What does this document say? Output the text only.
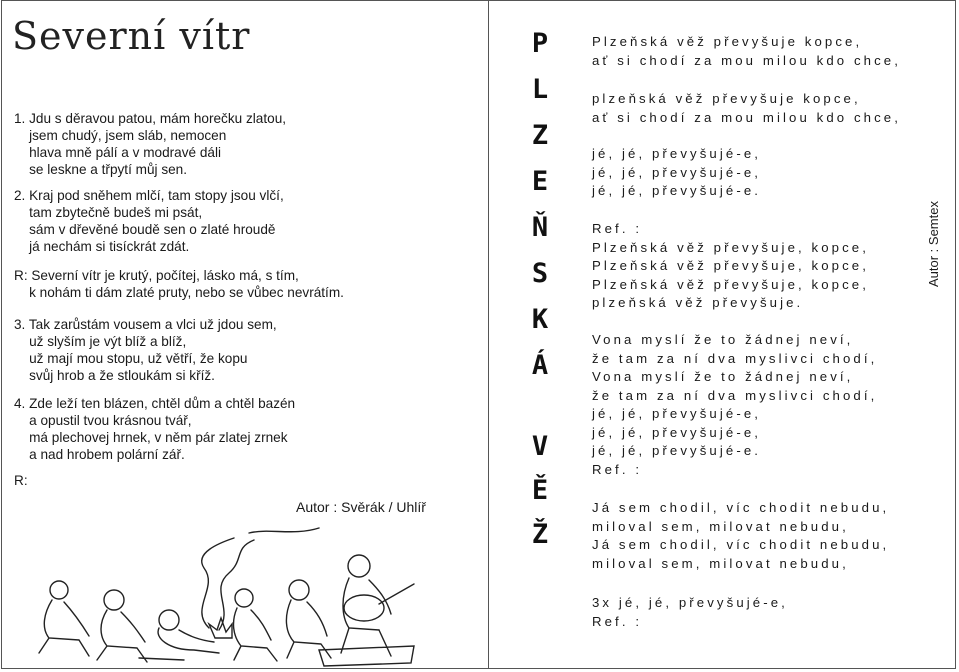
Severní vítr
1. Jdu s děravou patou, mám horečku zlatou,
jsem chudý, jsem sláb, nemocen
hlava mně pálí a v modravé dáli
se leskne a třpytí můj sen.
2. Kraj pod sněhem mlčí, tam stopy jsou vlčí,
tam zbytečně budeš mi psát,
sám v dřevěné boudě sen o zlaté hroudě
já nechám si tisíckrát zdát.
R: Severní vítr je krutý, počítej, lásko má, s tím,
k nohám ti dám zlaté pruty, nebo se vůbec nevrátím.
3. Tak zarůstám vousem a vlci už jdou sem,
už slyším je výt blíž a blíž,
už mají mou stopu, už větří, že kopu
svůj hrob a že stloukám si kříž.
4. Zde leží ten blázen, chtěl dům a chtěl bazén
a opustil tvou krásnou tvář,
má plechovej hrnek, v něm pár zlatej zrnek
a nad hrobem polární zář.
R:
Autor : Svěrák / Uhlíř
P
L
Z
E
Ň
S
K
Á
V
Ě
Ž
Plzeňská věž převyšuje kopce,
ať si chodí za mou milou kdo chce,
plzeňská věž převyšuje kopce,
ať si chodí za mou milou kdo chce,
jé, jé, převyšujé-e,
jé, jé, převyšujé-e,
jé, jé, převyšujé-e.
Ref. :
Plzeňská věž převyšuje, kopce,
Plzeňská věž převyšuje, kopce,
Plzeňská věž převyšuje, kopce,
plzeňská věž převyšuje.
Vona myslí že to žádnej neví,
že tam za ní dva myslivci chodí,
Vona myslí že to žádnej neví,
že tam za ní dva myslivci chodí,
jé, jé, převyšujé-e,
jé, jé, převyšujé-e,
jé, jé, převyšujé-e.
Ref. :
Já sem chodil, víc chodit nebudu,
miloval sem, milovat nebudu,
Já sem chodil, víc chodit nebudu,
miloval sem, milovat nebudu,
3x jé, jé, převyšujé-e,
Ref. :
Autor : Semtex
